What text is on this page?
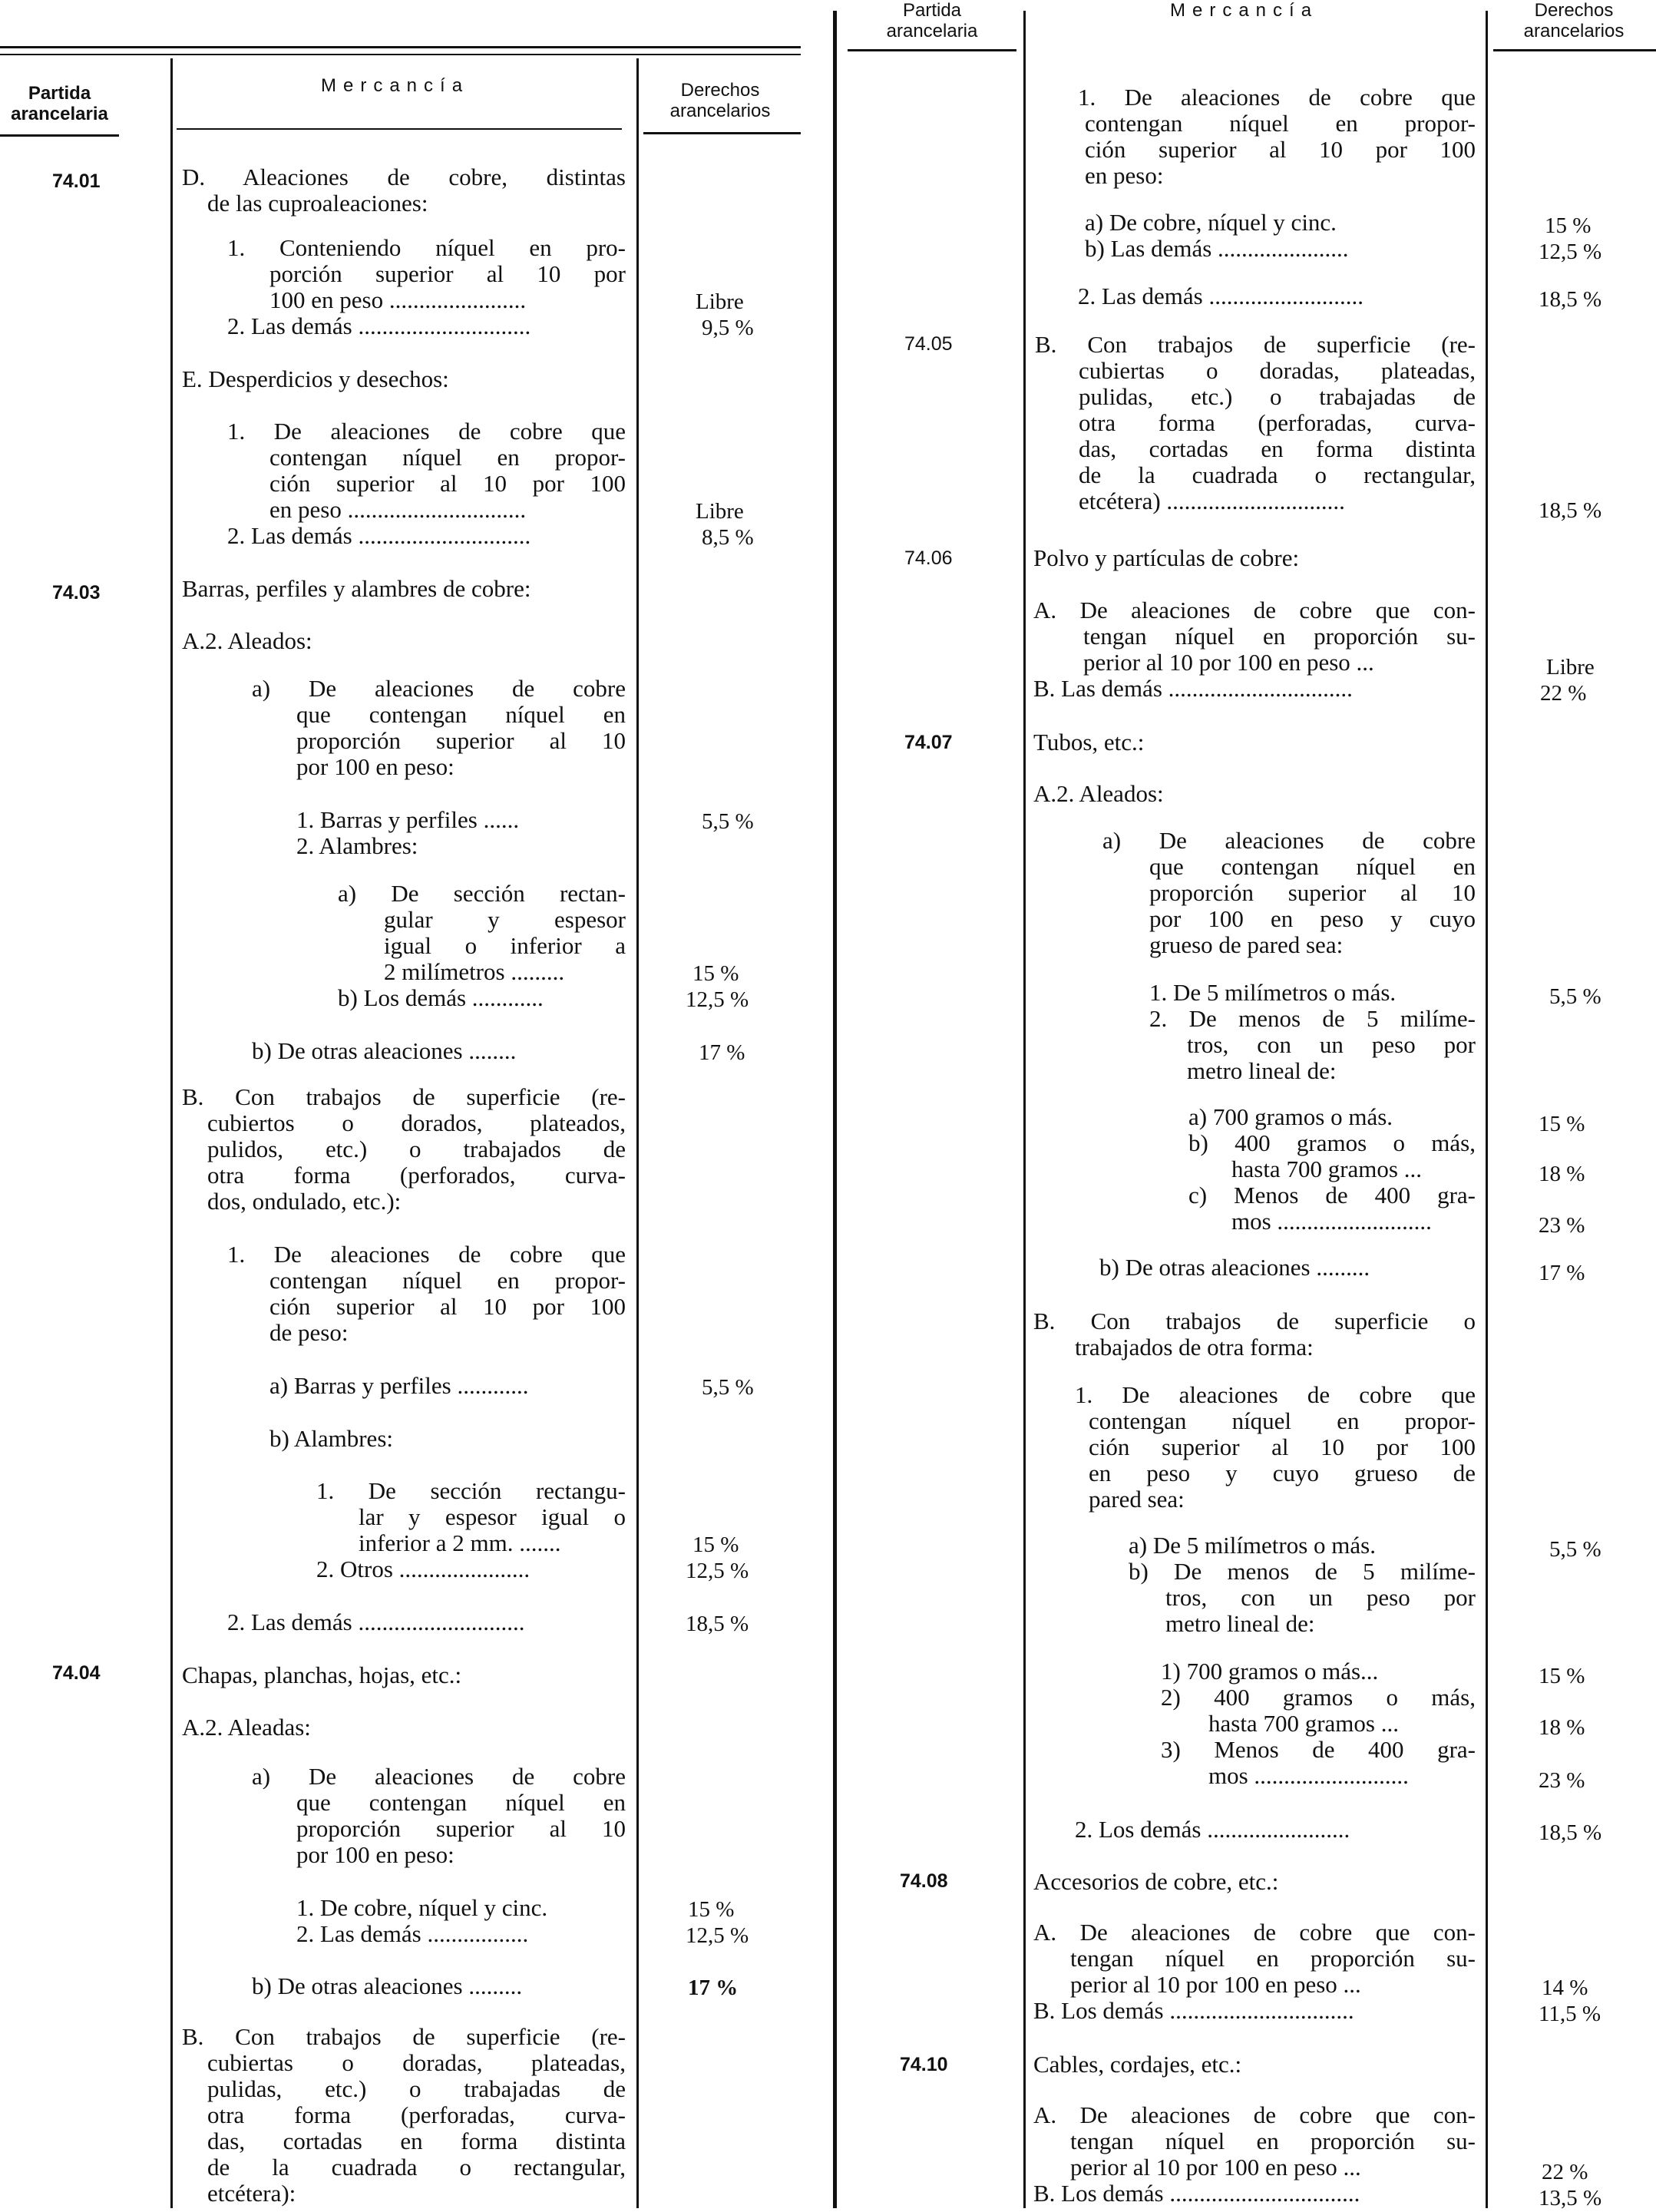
Partida
arancelaria
Mercancía	Derechos
arancelarios
74.01
74.03
74.04
D. Aleaciones de cobre, distintas
de las cuproaleaciones:
1. Conteniendo níquel en pro-
porción superior al 10 por
100 en peso .......................
2. Las demás .............................
E. Desperdicios y desechos:
1. De aleaciones de cobre que
contengan níquel en propor-
ción superior al 10 por 100
en peso ..............................
2. Las demás .............................
Barras, perfiles y alambres de cobre:
A.2. Aleados:
a) De aleaciones de cobre
que contengan níquel en
proporción superior al 10
por 100 en peso:
1. Barras y perfiles ......
2. Alambres:
a) De sección rectan-
gular y espesor
igual o inferior a
2 milímetros .........
b) Los demás ............
b) De otras aleaciones ........
B. Con trabajos de superficie (re-
cubiertos o dorados, plateados,
pulidos, etc.) o trabajados de
otra forma (perforados, curva-
dos, ondulado, etc.):
1. De aleaciones de cobre que
contengan níquel en propor-
ción superior al 10 por 100
de peso:
a) Barras y perfiles ............
b) Alambres:
1. De sección rectangu-
lar y espesor igual o
inferior a 2 mm. .......
2. Otros ......................
2. Las demás ............................
Chapas, planchas, hojas, etc.:
A.2. Aleadas:
a) De aleaciones de cobre
que contengan níquel en
proporción superior al 10
por 100 en peso:
1. De cobre, níquel y cinc.
2. Las demás .................
b) De otras aleaciones .........
B. Con trabajos de superficie (re-
cubiertas o doradas, plateadas,
pulidas, etc.) o trabajadas de
otra forma (perforadas, curva-
das, cortadas en forma distinta
de la cuadrada o rectangular,
etcétera):
Libre
9,5 %
Libre
8,5 %
5,5 %
15 %
12,5 %
17 %
5,5 %
15 %
12,5 %
18,5 %
15 %
12,5 %
17 %
Partida
arancelaria
Mercancía	Derechos
arancelarios
74.05
74.06
74.07
74.08
74.10
1. De aleaciones de cobre que
contengan níquel en propor-
ción superior al 10 por 100
en peso:
a) De cobre, níquel y cinc.
b) Las demás ......................
2. Las demás ..........................
B. Con trabajos de superficie (re-
cubiertas o doradas, plateadas,
pulidas, etc.) o trabajadas de
otra forma (perforadas, curva-
das, cortadas en forma distinta
de la cuadrada o rectangular,
etcétera) ..............................
Polvo y partículas de cobre:
A. De aleaciones de cobre que con-
tengan níquel en proporción su-
perior al 10 por 100 en peso ...
B. Las demás ...............................
Tubos, etc.:
A.2. Aleados:
a) De aleaciones de cobre
que contengan níquel en
proporción superior al 10
por 100 en peso y cuyo
grueso de pared sea:
1. De 5 milímetros o más.
2. De menos de 5 milíme-
tros, con un peso por
metro lineal de:
a) 700 gramos o más.
b) 400 gramos o más,
hasta 700 gramos ...
c) Menos de 400 gra-
mos ..........................
b) De otras aleaciones .........
B. Con trabajos de superficie o
trabajados de otra forma:
1. De aleaciones de cobre que
contengan níquel en propor-
ción superior al 10 por 100
en peso y cuyo grueso de
pared sea:
a) De 5 milímetros o más.
b) De menos de 5 milíme-
tros, con un peso por
metro lineal de:
1) 700 gramos o más...
2) 400 gramos o más,
hasta 700 gramos ...
3) Menos de 400 gra-
mos ..........................
2. Los demás ........................
Accesorios de cobre, etc.:
A. De aleaciones de cobre que con-
tengan níquel en proporción su-
perior al 10 por 100 en peso ...
B. Los demás ...............................
Cables, cordajes, etc.:
A. De aleaciones de cobre que con-
tengan níquel en proporción su-
perior al 10 por 100 en peso ...
B. Los demás ................................
15 %
12,5 %
18,5 %
18,5 %
Libre
22 %
5,5 %
15 %
18 %
23 %
17 %
5,5 %
15 %
18 %
23 %
18,5 %
14 %
11,5 %
22 %
13,5 %
